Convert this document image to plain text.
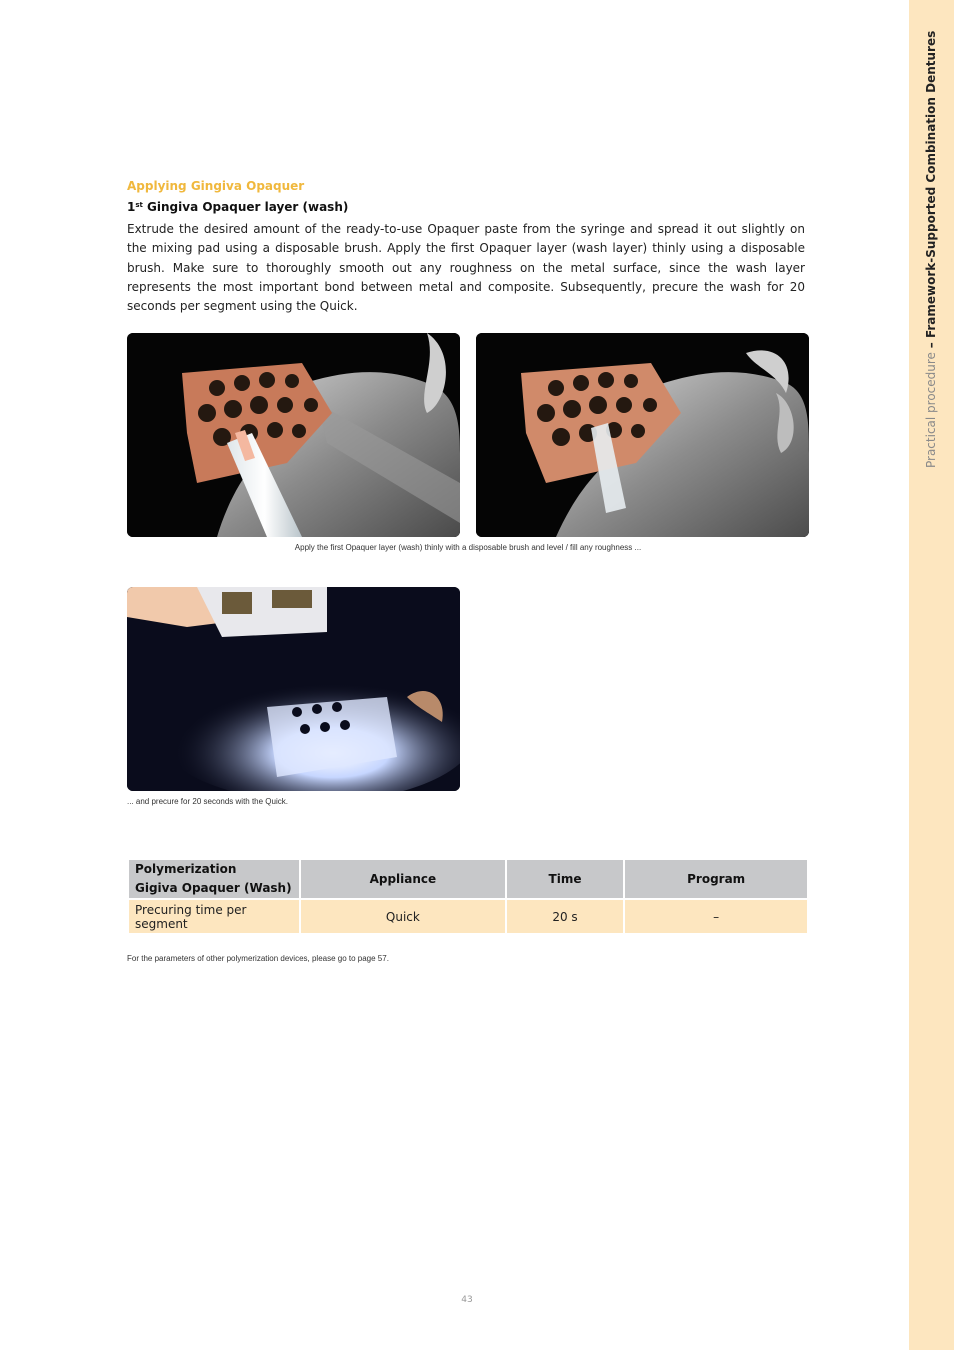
Practical procedure – Framework-Supported Combination Dentures
Applying Gingiva Opaquer
1st Gingiva Opaquer layer (wash)
Extrude the desired amount of the ready-to-use Opaquer paste from the syringe and spread it out slightly on the mixing pad using a disposable brush. Apply the first Opaquer layer (wash layer) thinly using a disposable brush. Make sure to thoroughly smooth out any roughness on the metal surface, since the wash layer represents the most important bond between metal and composite. Subsequently, precure the wash for 20 seconds per segment using the Quick.
Apply the first Opaquer layer (wash) thinly with a disposable brush and level / fill any roughness ...
... and precure for 20 seconds with the Quick.
Polymerization
Gigiva Opaquer (Wash)	Appliance	Time	Program
Precuring time per segment	Quick	20 s	–
For the parameters of other polymerization devices, please go to page 57.
43
